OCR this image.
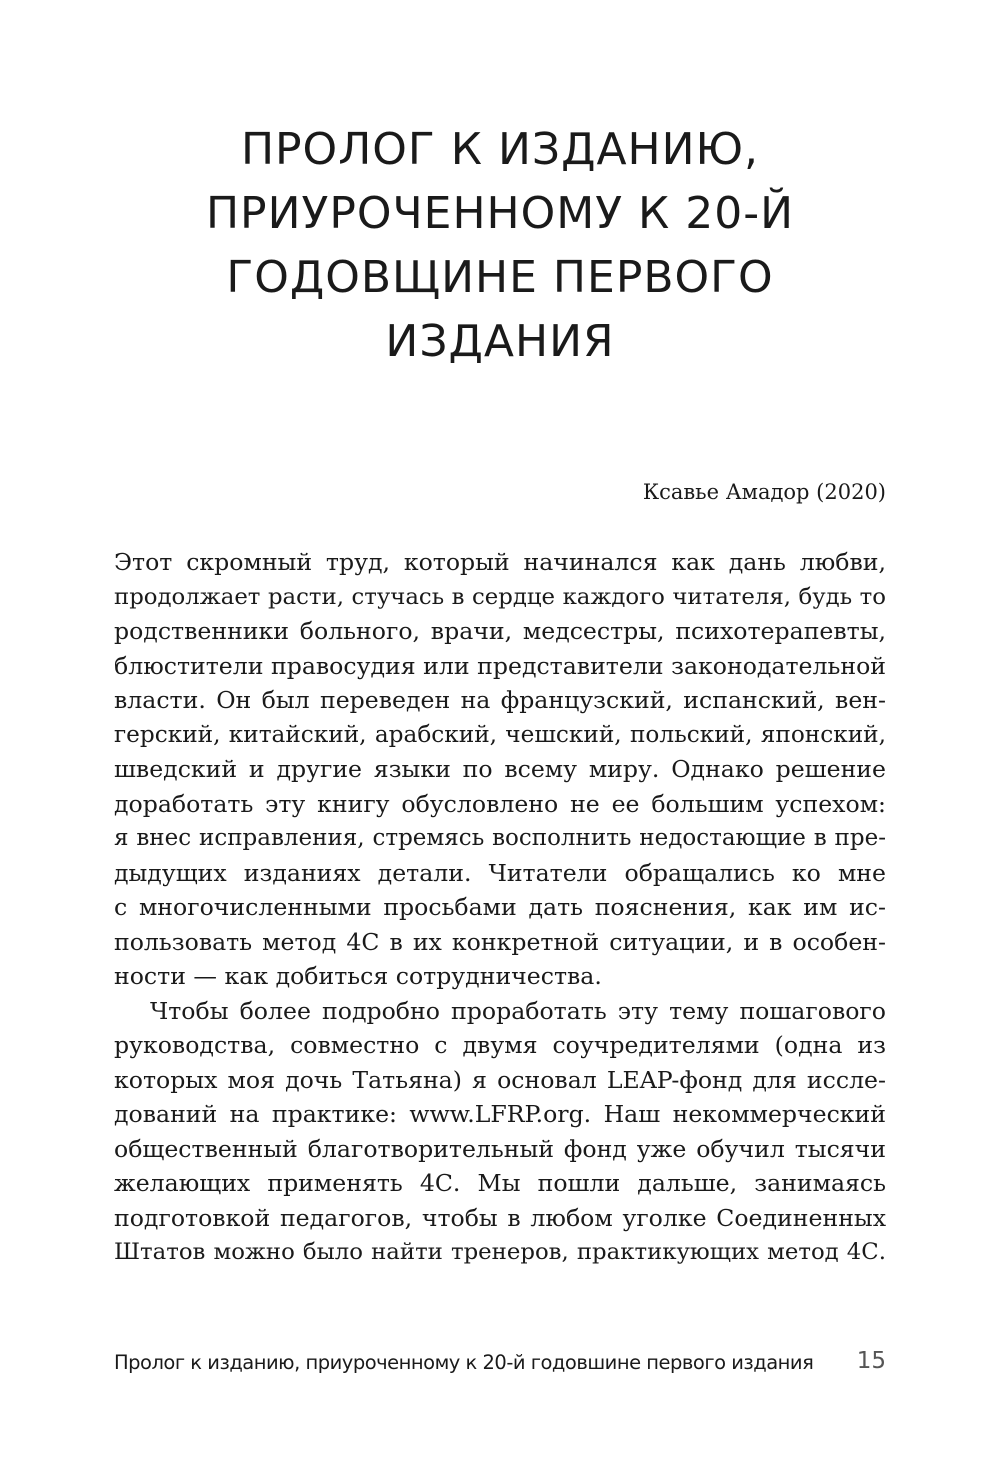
ПРОЛОГ К ИЗДАНИЮ,
ПРИУРОЧЕННОМУ К 20-Й
ГОДОВЩИНЕ ПЕРВОГО
ИЗДАНИЯ
Ксавье Амадор (2020)
Этот скромный труд, который начинался как дань любви,
продолжает расти, стучась в сердце каждого читателя, будь то
родственники больного, врачи, медсестры, психотерапевты,
блюстители правосудия или представители законодательной
власти. Он был переведен на французский, испанский, вен-
герский, китайский, арабский, чешский, польский, японский,
шведский и другие языки по всему миру. Однако решение
доработать эту книгу обусловлено не ее большим успехом:
я внес исправления, стремясь восполнить недостающие в пре-
дыдущих изданиях детали. Читатели обращались ко мне
с многочисленными просьбами дать пояснения, как им ис-
пользовать метод 4С в их конкретной ситуации, и в особен-
ности — как добиться сотрудничества.
Чтобы более подробно проработать эту тему пошагового
руководства, совместно с двумя соучредителями (одна из
которых моя дочь Татьяна) я основал LEAP-фонд для иссле-
дований на практике: www.LFRP.org. Наш некоммерческий
общественный благотворительный фонд уже обучил тысячи
желающих применять 4С. Мы пошли дальше, занимаясь
подготовкой педагогов, чтобы в любом уголке Соединенных
Штатов можно было найти тренеров, практикующих метод 4С.
Пролог к изданию, приуроченному к 20-й годовшине первого издания 15
